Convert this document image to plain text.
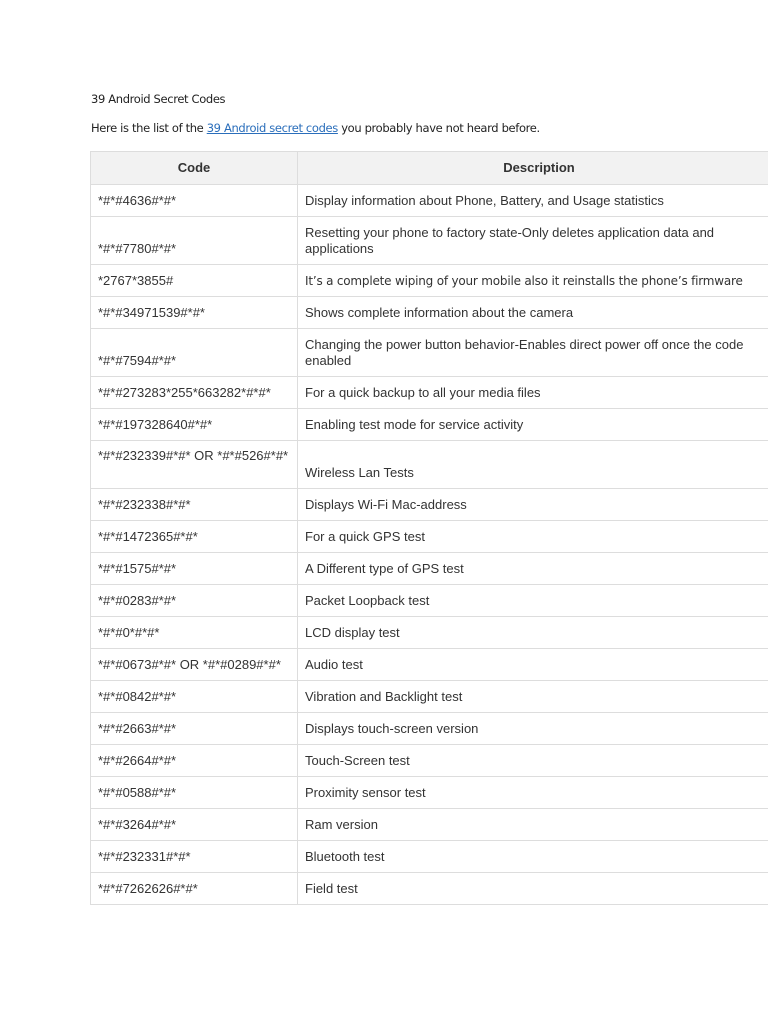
39 Android Secret Codes
Here is the list of the 39 Android secret codes you probably have not heard before.
Code	Description
*#*#4636#*#*	Display information about Phone, Battery, and Usage statistics
*#*#7780#*#*	Resetting your phone to factory state-Only deletes application data and applications
*2767*3855#	It’s a complete wiping of your mobile also it reinstalls the phone’s firmware
*#*#34971539#*#*	Shows complete information about the camera
*#*#7594#*#*	Changing the power button behavior-Enables direct power off once the code enabled
*#*#273283*255*663282*#*#*	For a quick backup to all your media files
*#*#197328640#*#*	Enabling test mode for service activity
*#*#232339#*#* OR *#*#526#*#*	Wireless Lan Tests
*#*#232338#*#*	Displays Wi-Fi Mac-address
*#*#1472365#*#*	For a quick GPS test
*#*#1575#*#*	A Different type of GPS test
*#*#0283#*#*	Packet Loopback test
*#*#0*#*#*	LCD display test
*#*#0673#*#* OR *#*#0289#*#*	Audio test
*#*#0842#*#*	Vibration and Backlight test
*#*#2663#*#*	Displays touch-screen version
*#*#2664#*#*	Touch-Screen test
*#*#0588#*#*	Proximity sensor test
*#*#3264#*#*	Ram version
*#*#232331#*#*	Bluetooth test
*#*#7262626#*#*	Field test
